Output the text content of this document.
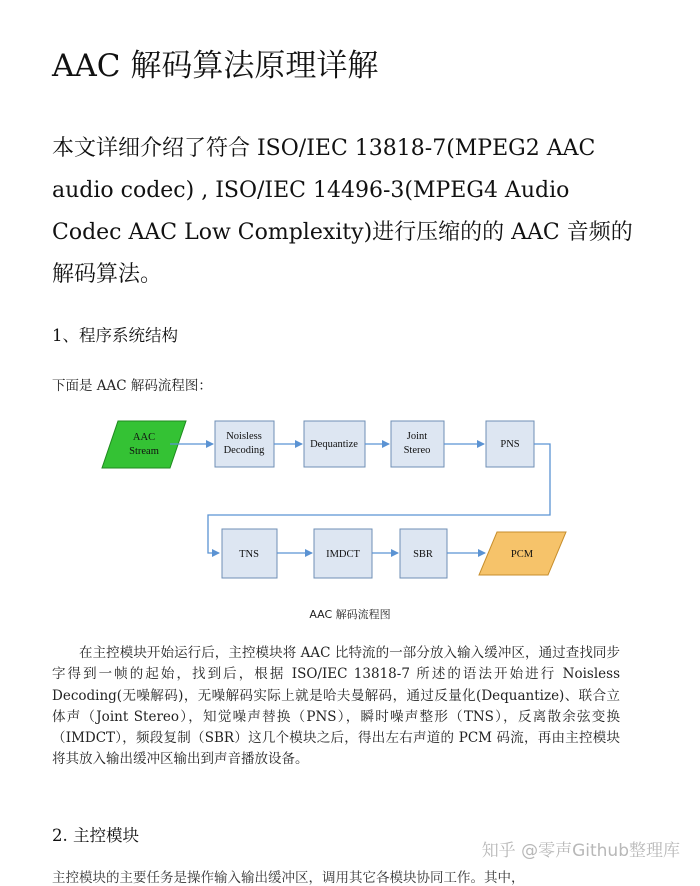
AAC 解码算法原理详解

本文详细介绍了符合 ISO/IEC 13818-7(MPEG2 AAC audio codec) , ISO/IEC 14496-3(MPEG4 Audio Codec AAC Low Complexity)进行压缩的的 AAC 音频的解码算法。

1、程序系统结构

下面是 AAC 解码流程图：

AAC
Stream
Noisless
Decoding
Dequantize
Joint
Stereo
PNS
TNS	IMDCT	SBR	PCM
AAC 解码流程图

在主控模块开始运行后，主控模块将 AAC 比特流的一部分放入输入缓冲区，通过查找同步字得到一帧的起始，找到后，根据 ISO/IEC 13818-7 所述的语法开始进行 Noisless Decoding(无噪解码)，无噪解码实际上就是哈夫曼解码，通过反量化(Dequantize)、联合立体声（Joint Stereo），知觉噪声替换（PNS），瞬时噪声整形（TNS），反离散余弦变换（IMDCT），频段复制（SBR）这几个模块之后，得出左右声道的 PCM 码流，再由主控模块将其放入输出缓冲区输出到声音播放设备。

2. 主控模块
知乎 @零声Github整理库

主控模块的主要任务是操作输入输出缓冲区，调用其它各模块协同工作。其中，
